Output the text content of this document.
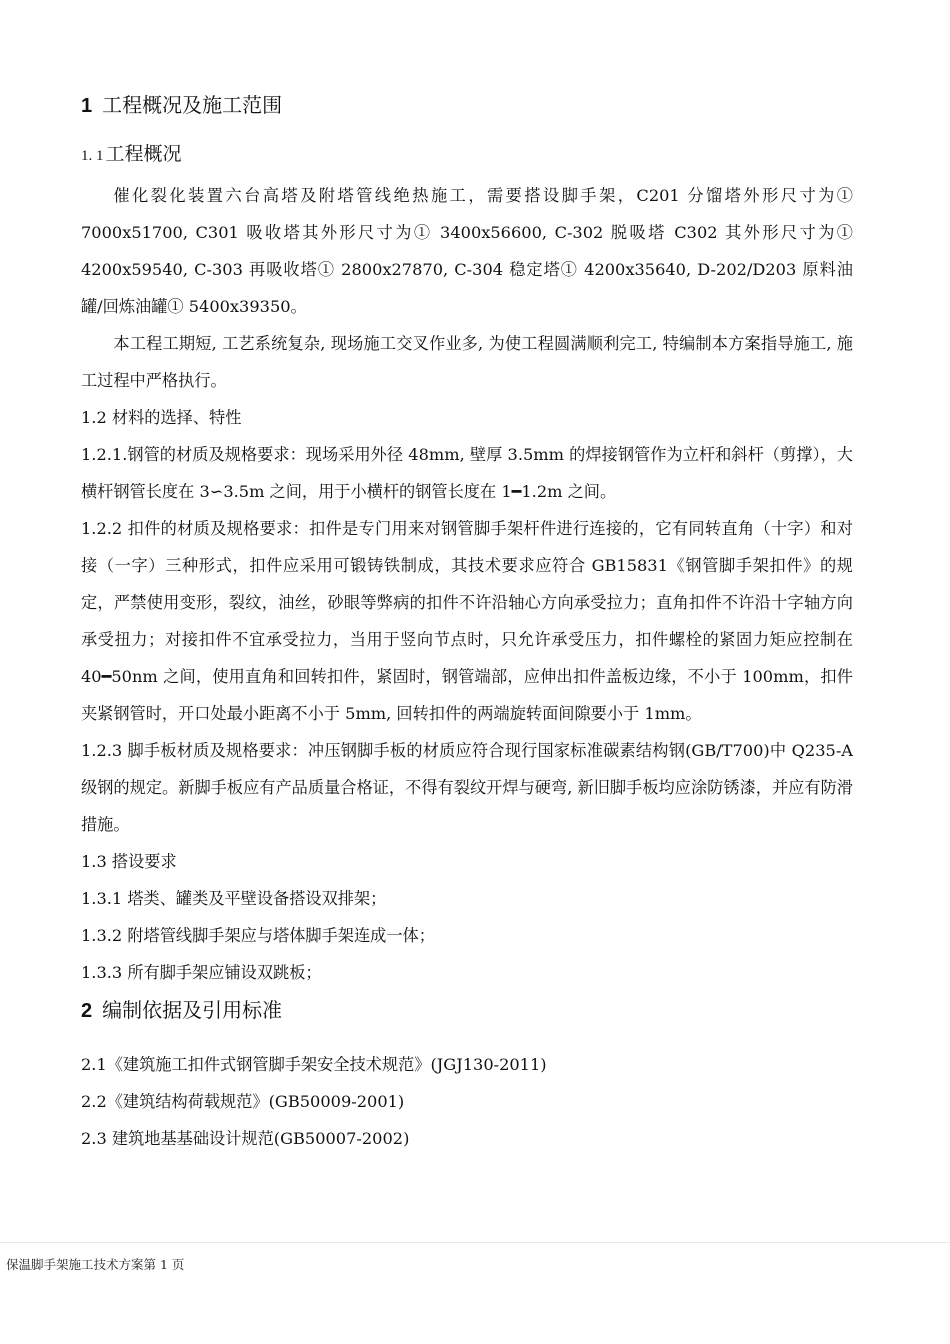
1 工程概况及施工范围
1. 1 工程概况

催化裂化装置六台高塔及附塔管线绝热施工，需要搭设脚手架，C201 分馏塔外形尺寸为① 7000x51700, C301 吸收塔其外形尺寸为① 3400x56600, C-302 脱吸塔 C302 其外形尺寸为① 4200x59540, C-303 再吸收塔① 2800x27870, C-304 稳定塔① 4200x35640, D-202/D203 原料油罐/回炼油罐① 5400x39350。

本工程工期短, 工艺系统复杂, 现场施工交叉作业多, 为使工程圆满顺利完工, 特编制本方案指导施工, 施工过程中严格执行。

1.2 材料的选择、特性

1.2.1.钢管的材质及规格要求：现场采用外径 48mm, 壁厚 3.5mm 的焊接钢管作为立杆和斜杆（剪撑），大横杆钢管长度在 3∽3.5m 之间，用于小横杆的钢管长度在 1━1.2m 之间。

1.2.2 扣件的材质及规格要求：扣件是专门用来对钢管脚手架杆件进行连接的，它有同转直角（十字）和对接（一字）三种形式，扣件应采用可锻铸铁制成，其技术要求应符合 GB15831《钢管脚手架扣件》的规定，严禁使用变形，裂纹，油丝，砂眼等弊病的扣件不许沿轴心方向承受拉力；直角扣件不许沿十字轴方向承受扭力；对接扣件不宜承受拉力，当用于竖向节点时，只允许承受压力，扣件螺栓的紧固力矩应控制在 40━50nm 之间，使用直角和回转扣件，紧固时，钢管端部，应伸出扣件盖板边缘，不小于 100mm，扣件夹紧钢管时，开口处最小距离不小于 5mm, 回转扣件的两端旋转面间隙要小于 1mm。

1.2.3 脚手板材质及规格要求：冲压钢脚手板的材质应符合现行国家标准碳素结构钢(GB/T700)中 Q235-A 级钢的规定。新脚手板应有产品质量合格证，不得有裂纹开焊与硬弯, 新旧脚手板均应涂防锈漆，并应有防滑措施。

1.3 搭设要求

1.3.1 塔类、罐类及平壁设备搭设双排架；

1.3.2 附塔管线脚手架应与塔体脚手架连成一体；

1.3.3 所有脚手架应铺设双跳板；

2 编制依据及引用标准

2.1《建筑施工扣件式钢管脚手架安全技术规范》(JGJ130-2011)

2.2《建筑结构荷载规范》(GB50009-2001)

2.3 建筑地基基础设计规范(GB50007-2002)

保温脚手架施工技术方案第 1 页
